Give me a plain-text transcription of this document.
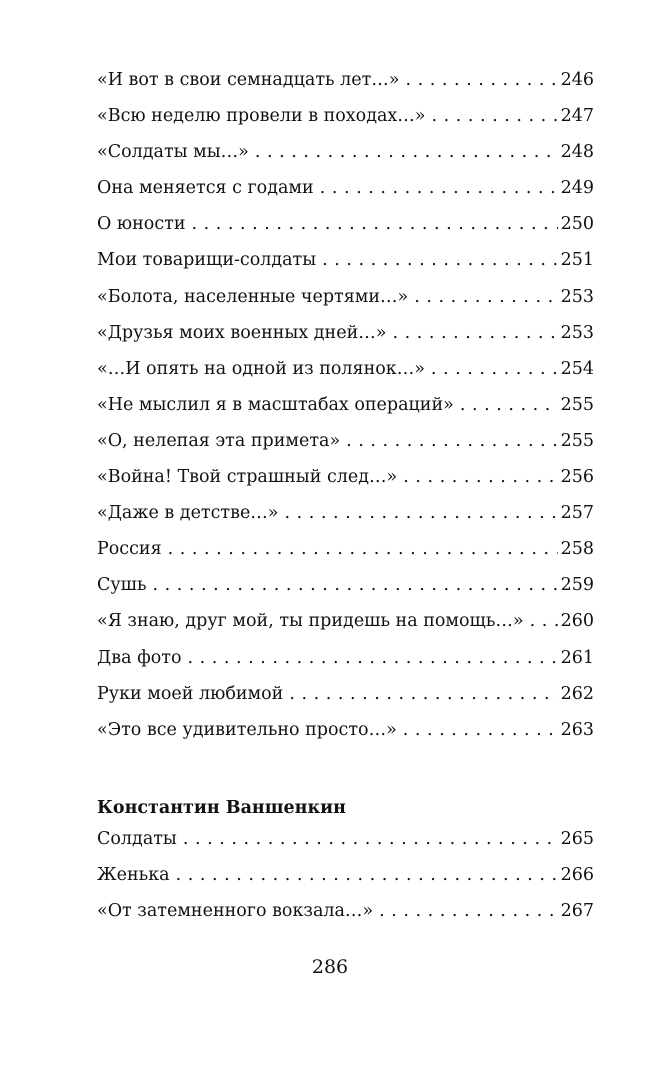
«И вот в свои семнадцать лет…» . . .	246
«Всю неделю провели в походах…» . . .	247
«Солдаты мы…» . . .	248
Она меняется с годами . . .	249
О юности . . .	250
Мои товарищи-солдаты . . .	251
«Болота, населенные чертями…» . . .	253
«Друзья моих военных дней…» . . .	253
«…И опять на одной из полянок…» . . .	254
«Не мыслил я в масштабах операций» . . .	255
«О, нелепая эта примета» . . .	255
«Война! Твой страшный след…» . . .	256
«Даже в детстве…» . . .	257
Россия . . .	258
Сушь . . .	259
«Я знаю, друг мой, ты придешь на помощь…» . . . 260
Два фото . . .	261
Руки моей любимой . . .	262
«Это все удивительно просто…» . . .	263
Константин Ваншенкин
Солдаты . . .	265
Женька . . .	266
«От затемненного вокзала…» . . .	267
286
